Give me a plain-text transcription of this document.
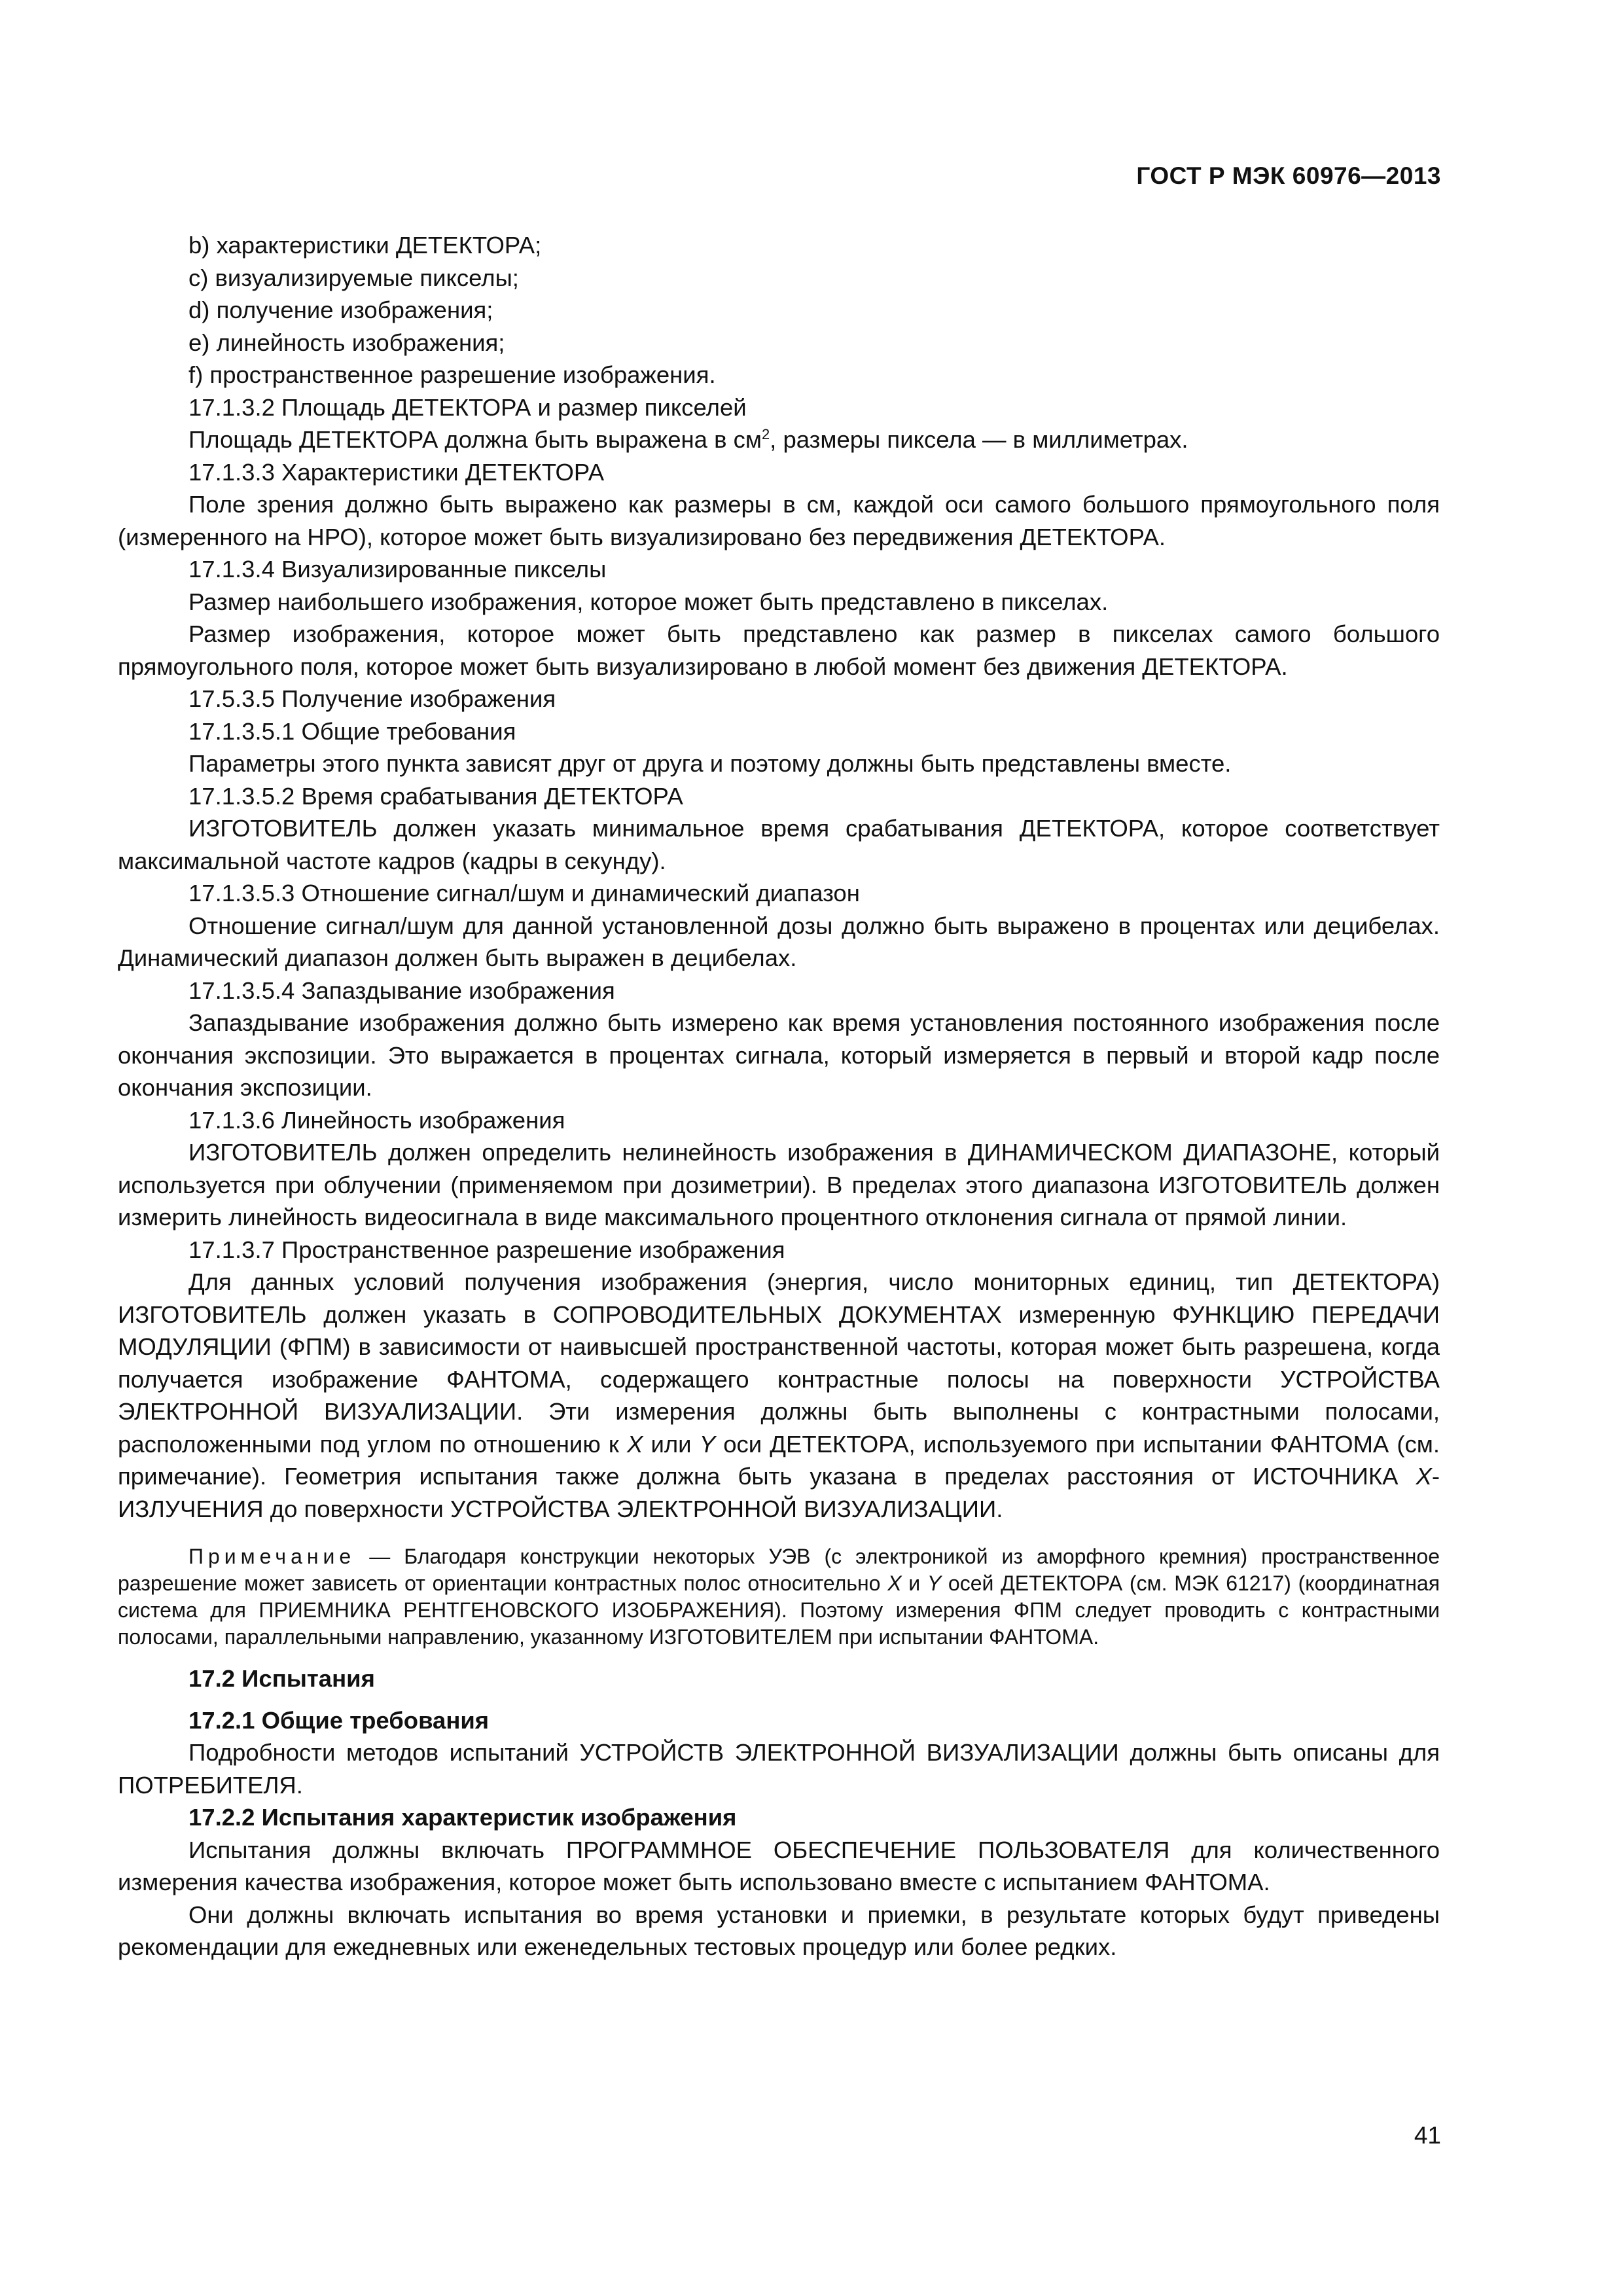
ГОСТ Р МЭК 60976—2013

b) характеристики ДЕТЕКТОРА;

c) визуализируемые пикселы;

d) получение изображения;

e) линейность изображения;

f) пространственное разрешение изображения.

17.1.3.2 Площадь ДЕТЕКТОРА и размер пикселей

Площадь ДЕТЕКТОРА должна быть выражена в $см^2$, размеры пиксела — в миллиметрах.

17.1.3.3 Характеристики ДЕТЕКТОРА

Поле зрения должно быть выражено как размеры в см, каждой оси самого большого прямоугольного поля (измеренного на НРО), которое может быть визуализировано без передвижения ДЕТЕКТОРА.

17.1.3.4 Визуализированные пикселы

Размер наибольшего изображения, которое может быть представлено в пикселах.

Размер изображения, которое может быть представлено как размер в пикселах самого большого прямоугольного поля, которое может быть визуализировано в любой момент без движения ДЕТЕКТОРА.

17.5.3.5 Получение изображения

17.1.3.5.1 Общие требования

Параметры этого пункта зависят друг от друга и поэтому должны быть представлены вместе.

17.1.3.5.2 Время срабатывания ДЕТЕКТОРА

ИЗГОТОВИТЕЛЬ должен указать минимальное время срабатывания ДЕТЕКТОРА, которое соответствует максимальной частоте кадров (кадры в секунду).

17.1.3.5.3 Отношение сигнал/шум и динамический диапазон

Отношение сигнал/шум для данной установленной дозы должно быть выражено в процентах или децибелах. Динамический диапазон должен быть выражен в децибелах.

17.1.3.5.4 Запаздывание изображения

Запаздывание изображения должно быть измерено как время установления постоянного изображения после окончания экспозиции. Это выражается в процентах сигнала, который измеряется в первый и второй кадр после окончания экспозиции.

17.1.3.6 Линейность изображения

ИЗГОТОВИТЕЛЬ должен определить нелинейность изображения в ДИНАМИЧЕСКОМ ДИАПАЗОНЕ, который используется при облучении (применяемом при дозиметрии). В пределах этого диапазона ИЗГОТОВИТЕЛЬ должен измерить линейность видеосигнала в виде максимального процентного отклонения сигнала от прямой линии.

17.1.3.7 Пространственное разрешение изображения

Для данных условий получения изображения (энергия, число мониторных единиц, тип ДЕТЕКТОРА) ИЗГОТОВИТЕЛЬ должен указать в СОПРОВОДИТЕЛЬНЫХ ДОКУМЕНТАХ измеренную ФУНКЦИЮ ПЕРЕДАЧИ МОДУЛЯЦИИ (ФПМ) в зависимости от наивысшей пространственной частоты, которая может быть разрешена, когда получается изображение ФАНТОМА, содержащего контрастные полосы на поверхности УСТРОЙСТВА ЭЛЕКТРОННОЙ ВИЗУАЛИЗАЦИИ. Эти измерения должны быть выполнены с контрастными полосами, расположенными под углом по отношению к X или Y оси ДЕТЕКТОРА, используемого при испытании ФАНТОМА (см. примечание). Геометрия испытания также должна быть указана в пределах расстояния от ИСТОЧНИКА X-ИЗЛУЧЕНИЯ до поверхности УСТРОЙСТВА ЭЛЕКТРОННОЙ ВИЗУАЛИЗАЦИИ.

Примечание — Благодаря конструкции некоторых УЭВ (с электроникой из аморфного кремния) пространственное разрешение может зависеть от ориентации контрастных полос относительно X и Y осей ДЕТЕКТОРА (см. МЭК 61217) (координатная система для ПРИЕМНИКА РЕНТГЕНОВСКОГО ИЗОБРАЖЕНИЯ). Поэтому измерения ФПМ следует проводить с контрастными полосами, параллельными направлению, указанному ИЗГОТОВИТЕЛЕМ при испытании ФАНТОМА.

17.2 Испытания

17.2.1 Общие требования

Подробности методов испытаний УСТРОЙСТВ ЭЛЕКТРОННОЙ ВИЗУАЛИЗАЦИИ должны быть описаны для ПОТРЕБИТЕЛЯ.

17.2.2 Испытания характеристик изображения

Испытания должны включать ПРОГРАММНОЕ ОБЕСПЕЧЕНИЕ ПОЛЬЗОВАТЕЛЯ для количественного измерения качества изображения, которое может быть использовано вместе с испытанием ФАНТОМА.

Они должны включать испытания во время установки и приемки, в результате которых будут приведены рекомендации для ежедневных или еженедельных тестовых процедур или более редких.

41
